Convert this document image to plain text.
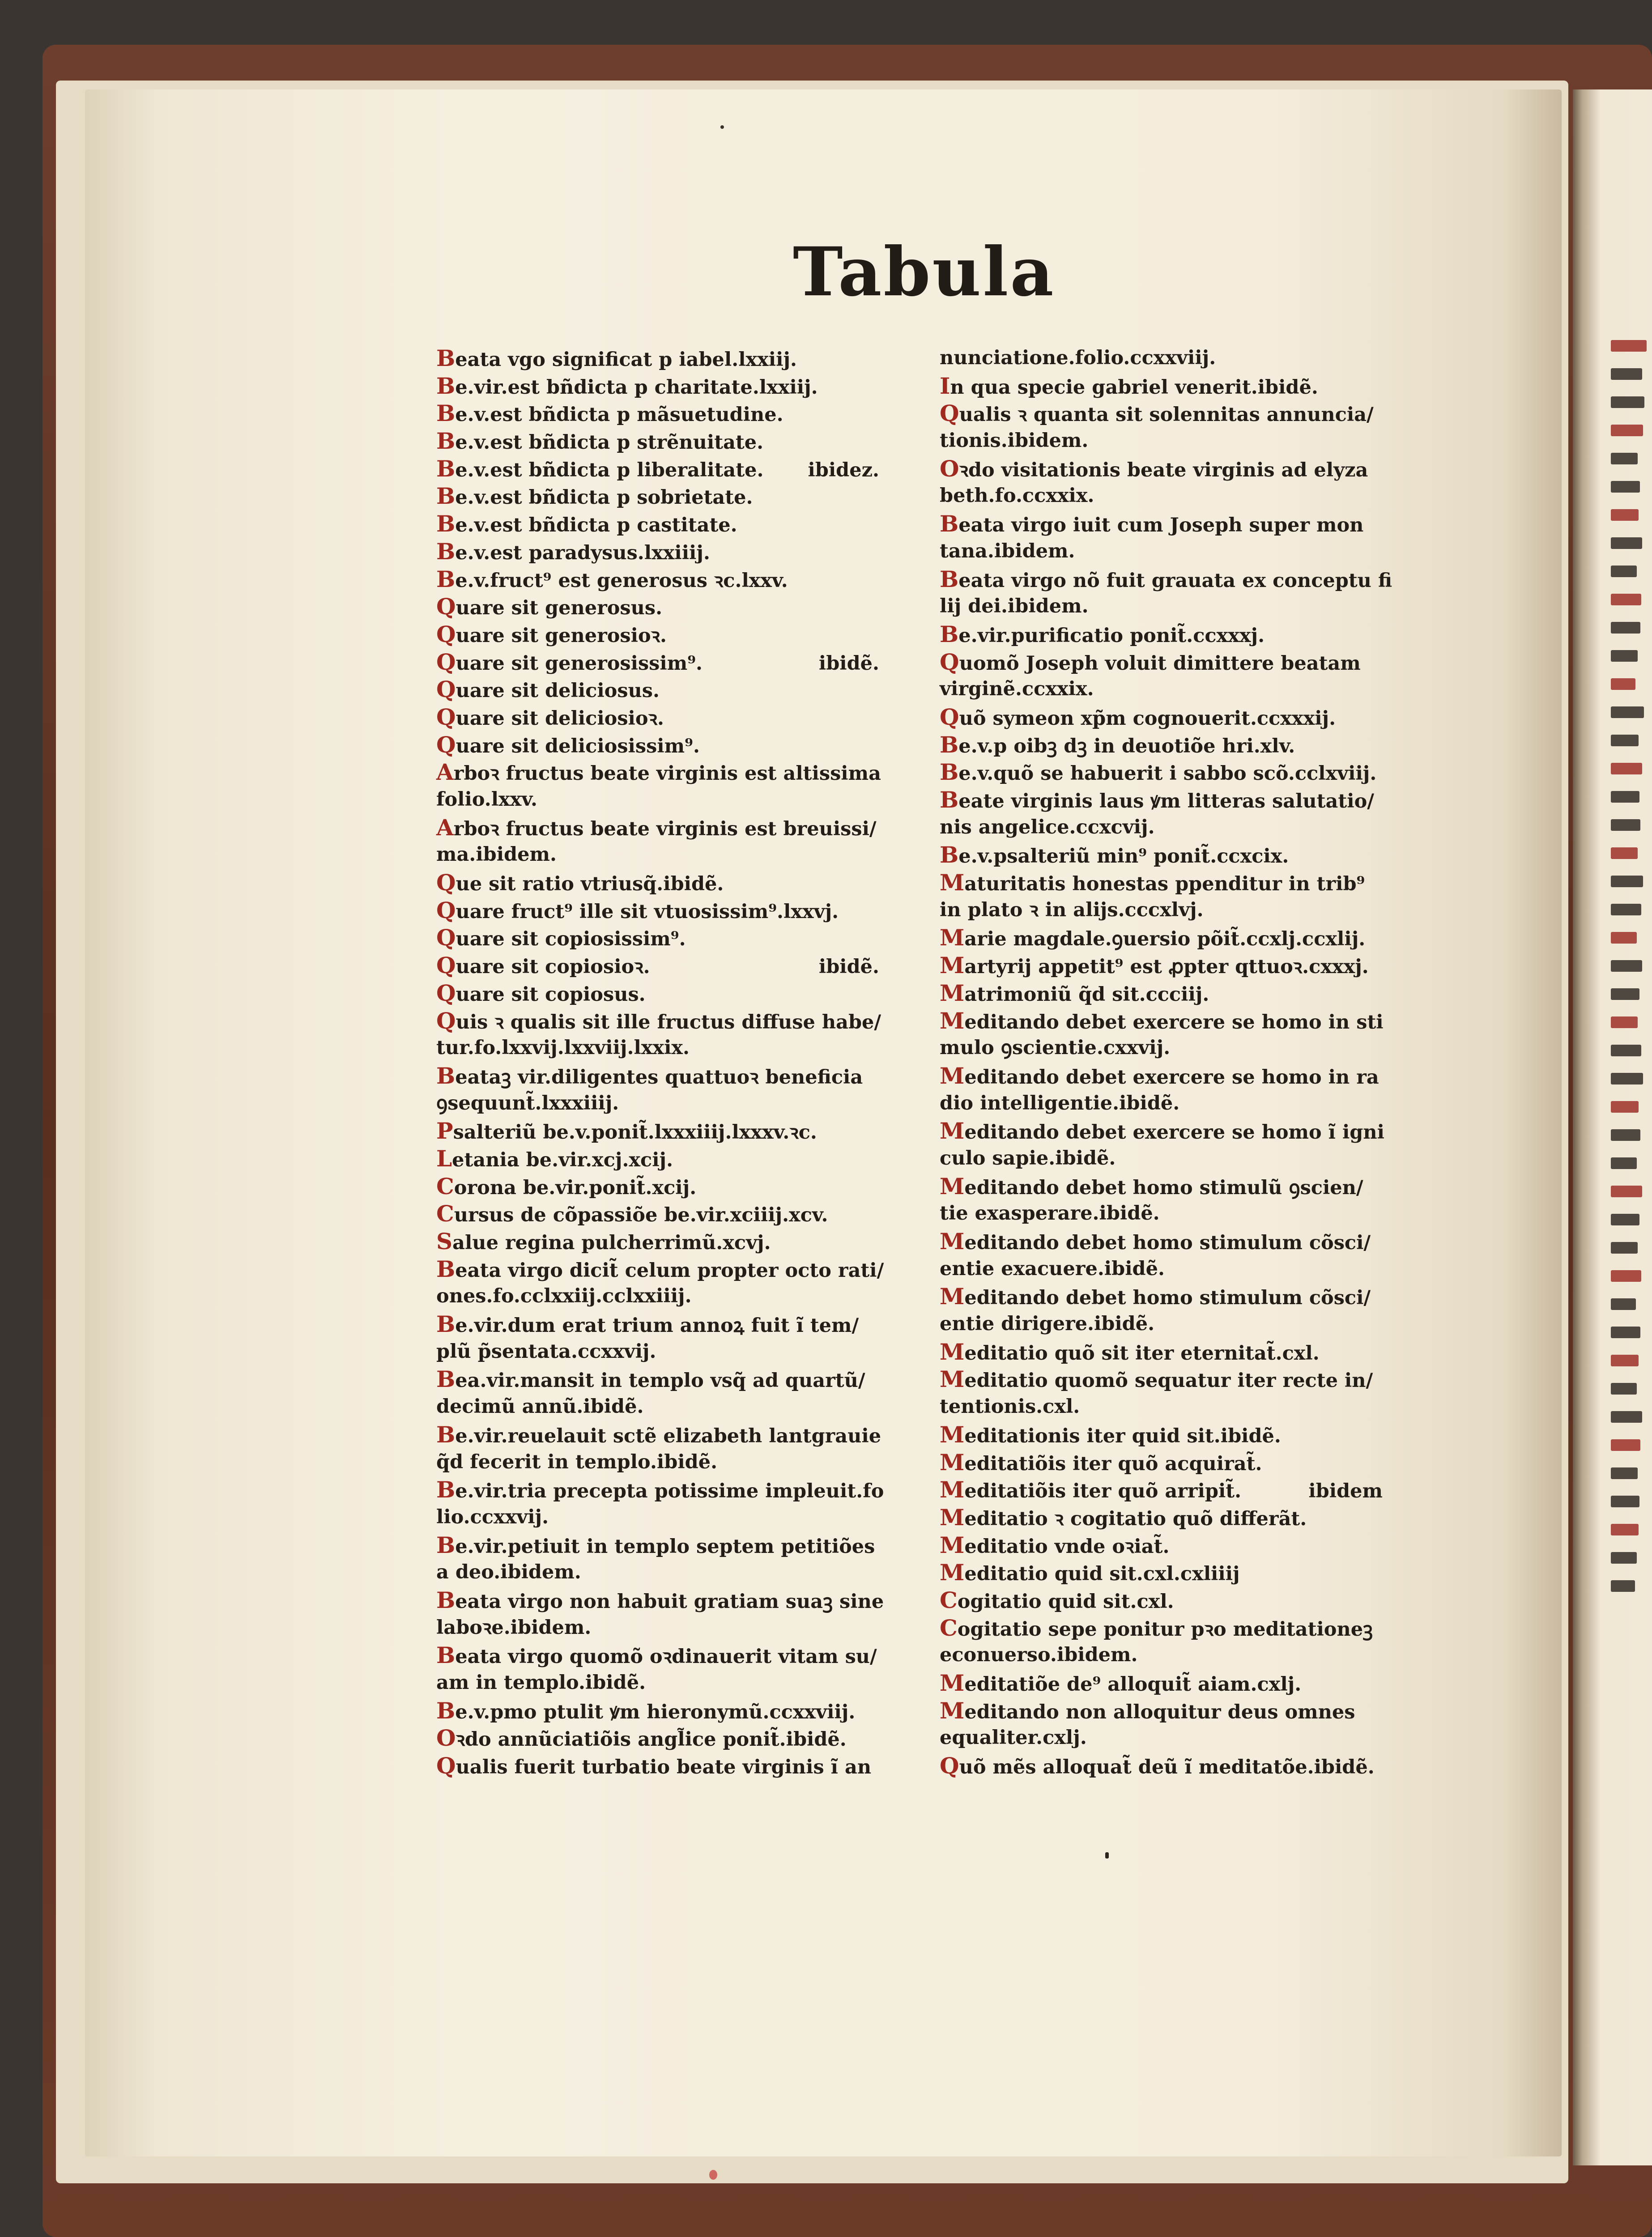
Tabula
Beata vgo significat p iabel.lxxiij.
Be.vir.est bñdicta p charitate.lxxiij.
Be.v.est bñdicta p mãsuetudine.
Be.v.est bñdicta p strẽnuitate.
Be.v.est bñdicta p liberalitate. ibidez.
Be.v.est bñdicta p sobrietate.
Be.v.est bñdicta p castitate.
Be.v.est paradysus.lxxiiij.
Be.v.fruct⁹ est generosus ꝛc.lxxv.
Quare sit generosus.
Quare sit generosioꝛ.
Quare sit generosissim⁹.	ibidẽ.
Quare sit deliciosus.
Quare sit deliciosioꝛ.
Quare sit deliciosissim⁹.
Arboꝛ fructus beate virginis est altissima
folio.lxxv.
Arboꝛ fructus beate virginis est breuissi/
ma.ibidem.
Que sit ratio vtriusq̃.ibidẽ.
Quare fruct⁹ ille sit vtuosissim⁹.lxxvj.
Quare sit copiosissim⁹.
Quare sit copiosioꝛ.	ibidẽ.
Quare sit copiosus.
Quis ꝛ qualis sit ille fructus diffuse habe/
tur.fo.lxxvij.lxxviij.lxxix.
Beataꝫ vir.diligentes quattuoꝛ beneficia
ꝯsequunt̃.lxxxiiij.
Psalteriũ be.v.ponit̃.lxxxiiij.lxxxv.ꝛc.
Letania be.vir.xcj.xcij.
Corona be.vir.ponit̃.xcij.
Cursus de cõpassiõe be.vir.xciiij.xcv.
Salue regina pulcherrimũ.xcvj.
Beata virgo dicit̃ celum propter octo rati/
ones.fo.cclxxiij.cclxxiiij.
Be.vir.dum erat trium annoꝝ fuit ĩ tem/
plũ p̃sentata.ccxxvij.
Bea.vir.mansit in templo vsq̃ ad quartũ/
decimũ annũ.ibidẽ.
Be.vir.reuelauit sctẽ elizabeth lantgrauie
q̃d fecerit in templo.ibidẽ.
Be.vir.tria precepta potissime impleuit.fo
lio.ccxxvij.
Be.vir.petiuit in templo septem petitiões
a deo.ibidem.
Beata virgo non habuit gratiam suaꝫ sine
laboꝛe.ibidem.
Beata virgo quomõ oꝛdinauerit vitam su/
am in templo.ibidẽ.
Be.v.pmo ptulit ꝟm hieronymũ.ccxxviij.
Oꝛdo annũciatiõis angl̃ice ponit̃.ibidẽ.
Qualis fuerit turbatio beate virginis ĩ an
nunciatione.folio.ccxxviij.
In qua specie gabriel venerit.ibidẽ.
Qualis ꝛ quanta sit solennitas annuncia/
tionis.ibidem.
Oꝛdo visitationis beate virginis ad elyza
beth.fo.ccxxix.
Beata virgo iuit cum Joseph super mon
tana.ibidem.
Beata virgo nõ fuit grauata ex conceptu fi
lij dei.ibidem.
Be.vir.purificatio ponit̃.ccxxxj.
Quomõ Joseph voluit dimittere beatam
virginẽ.ccxxix.
Quõ symeon xp̃m cognouerit.ccxxxij.
Be.v.p oibꝫ dꝫ in deuotiõe hri.xlv.
Be.v.quõ se habuerit i sabbo scõ.cclxviij.
Beate virginis laus ꝟm litteras salutatio/
nis angelice.ccxcvij.
Be.v.psalteriũ min⁹ ponit̃.ccxcix.
Maturitatis honestas ppenditur in trib⁹
in plato ꝛ in alijs.cccxlvj.
Marie magdale.ꝯuersio põit̃.ccxlj.ccxlij.
Martyrij appetit⁹ est ꝓpter qttuoꝛ.cxxxj.
Matrimoniũ q̃d sit.ccciij.
Meditando debet exercere se homo in sti
mulo ꝯscientie.cxxvij.
Meditando debet exercere se homo in ra
dio intelligentie.ibidẽ.
Meditando debet exercere se homo ĩ igni
culo sapie.ibidẽ.
Meditando debet homo stimulũ ꝯscien/
tie exasperare.ibidẽ.
Meditando debet homo stimulum cõsci/
entie exacuere.ibidẽ.
Meditando debet homo stimulum cõsci/
entie dirigere.ibidẽ.
Meditatio quõ sit iter eternitat̃.cxl.
Meditatio quomõ sequatur iter recte in/
tentionis.cxl.
Meditationis iter quid sit.ibidẽ.
Meditatiõis iter quõ acquirat̃.
Meditatiõis iter quõ arripit̃.	ibidem
Meditatio ꝛ cogitatio quõ differãt.
Meditatio vnde oꝛiat̃.
Meditatio quid sit.cxl.cxliiij
Cogitatio quid sit.cxl.
Cogitatio sepe ponitur pꝛo meditationeꝫ
econuerso.ibidem.
Meditatiõe de⁹ alloquit̃ aiam.cxlj.
Meditando non alloquitur deus omnes
equaliter.cxlj.
Quõ mẽs alloquat̃ deũ ĩ meditatõe.ibidẽ.
